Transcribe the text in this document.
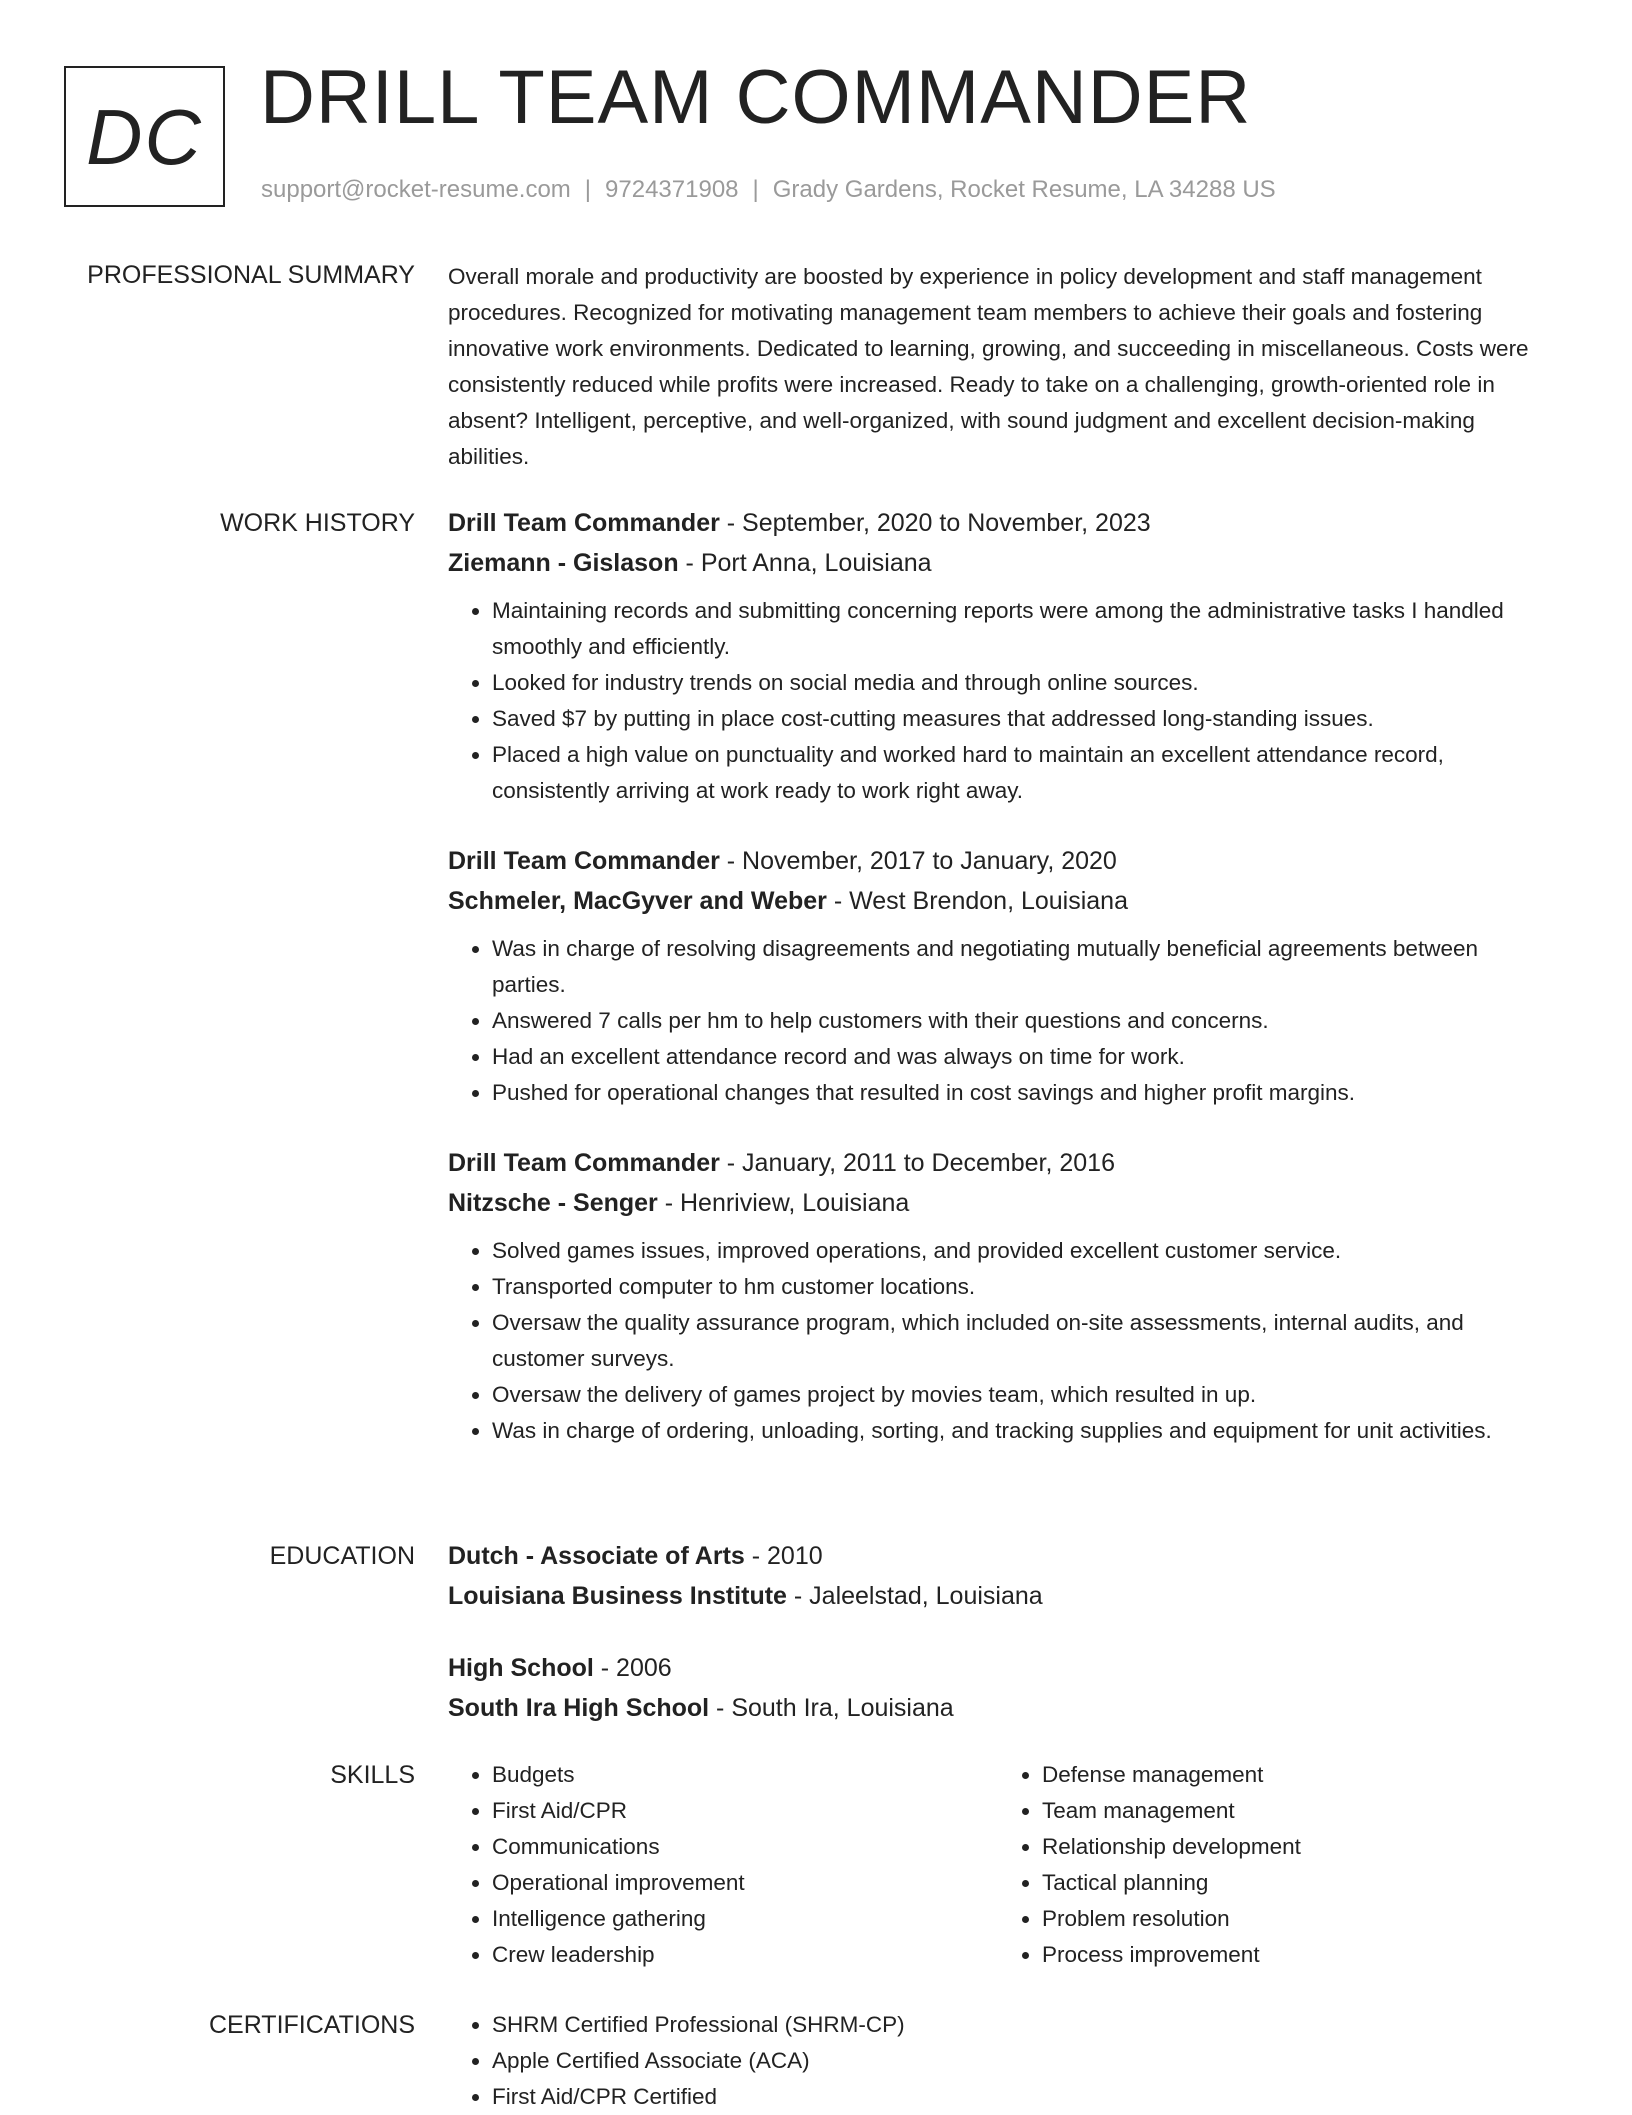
DC DRILL TEAM COMMANDER
support@rocket-resume.com | 9724371908 | Grady Gardens, Rocket Resume, LA 34288 US
PROFESSIONAL SUMMARY Overall morale and productivity are boosted by experience in policy development and staff management procedures. Recognized for motivating management team members to achieve their goals and fostering innovative work environments. Dedicated to learning, growing, and succeeding in miscellaneous. Costs were consistently reduced while profits were increased. Ready to take on a challenging, growth-oriented role in absent? Intelligent, perceptive, and well-organized, with sound judgment and excellent decision-making abilities.

WORK HISTORY Drill Team Commander - September, 2020 to November, 2023
Ziemann - Gislason - Port Anna, Louisiana
• Maintaining records and submitting concerning reports were among the administrative tasks I handled smoothly and efficiently.
• Looked for industry trends on social media and through online sources.
• Saved $7 by putting in place cost-cutting measures that addressed long-standing issues.
• Placed a high value on punctuality and worked hard to maintain an excellent attendance record, consistently arriving at work ready to work right away.
Drill Team Commander - November, 2017 to January, 2020
Schmeler, MacGyver and Weber - West Brendon, Louisiana
• Was in charge of resolving disagreements and negotiating mutually beneficial agreements between parties.
• Answered 7 calls per hm to help customers with their questions and concerns.
• Had an excellent attendance record and was always on time for work.
• Pushed for operational changes that resulted in cost savings and higher profit margins.
Drill Team Commander - January, 2011 to December, 2016
Nitzsche - Senger - Henriview, Louisiana
• Solved games issues, improved operations, and provided excellent customer service.
• Transported computer to hm customer locations.
• Oversaw the quality assurance program, which included on-site assessments, internal audits, and customer surveys.
• Oversaw the delivery of games project by movies team, which resulted in up.
• Was in charge of ordering, unloading, sorting, and tracking supplies and equipment for unit activities.
EDUCATION Dutch - Associate of Arts - 2010
Louisiana Business Institute - Jaleelstad, Louisiana
High School - 2006
South Ira High School - South Ira, Louisiana
SKILLS	• Budgets
• First Aid/CPR
• Communications
• Operational improvement
• Intelligence gathering
• Crew leadership
• Defense management
• Team management
• Relationship development
• Tactical planning
• Problem resolution
• Process improvement
CERTIFICATIONS	• SHRM Certified Professional (SHRM-CP)
• Apple Certified Associate (ACA)
• First Aid/CPR Certified
